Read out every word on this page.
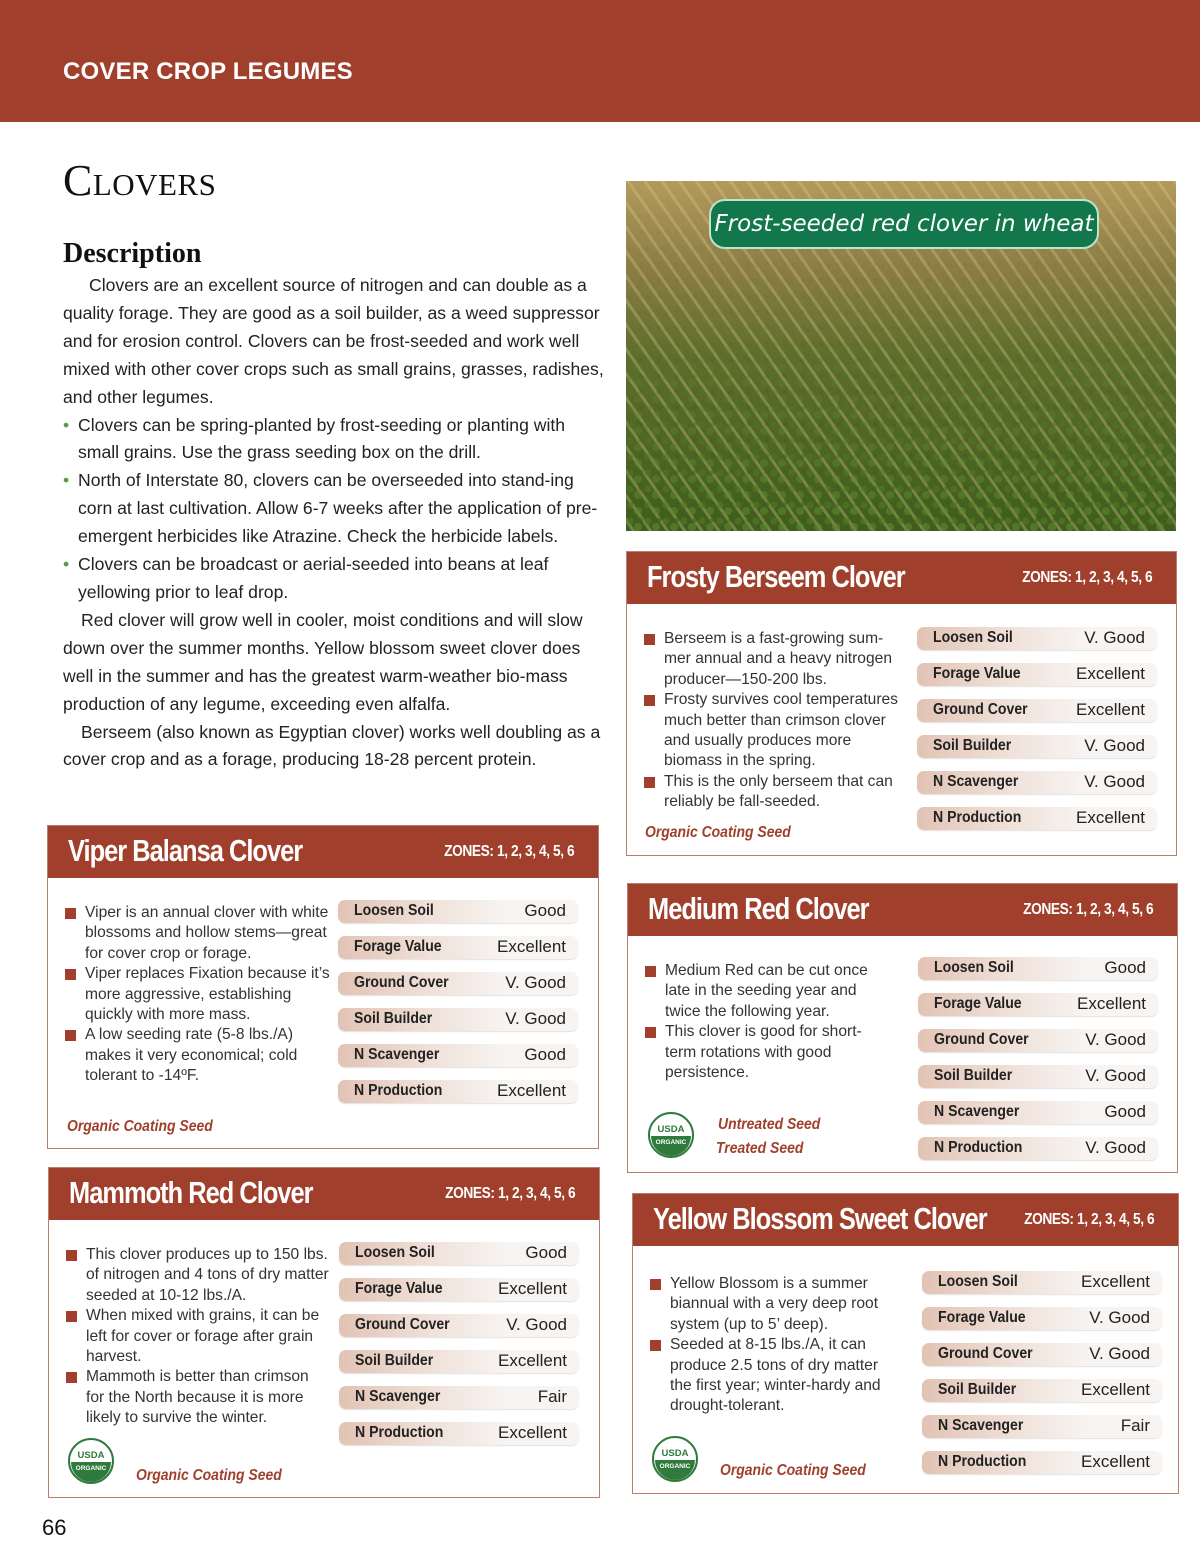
COVER CROP LEGUMES
Clovers
Description

Clovers are an excellent source of nitrogen and can double as a quality forage. They are good as a soil builder, as a weed suppressor and for erosion control. Clovers can be frost-seeded and work well mixed with other cover crops such as small grains, grasses, radishes, and other legumes.

• Clovers can be spring-planted by frost-seeding or planting with small grains. Use the grass seeding box on the drill.
• North of Interstate 80, clovers can be overseeded into stand-ing corn at last cultivation. Allow 6-7 weeks after the application of pre-emergent herbicides like Atrazine. Check the herbicide labels.
• Clovers can be broadcast or aerial-seeded into beans at leaf yellowing prior to leaf drop.

Red clover will grow well in cooler, moist conditions and will slow down over the summer months. Yellow blossom sweet clover does well in the summer and has the greatest warm-weather bio-mass production of any legume, exceeding even alfalfa.

Berseem (also known as Egyptian clover) works well doubling as a cover crop and as a forage, producing 18-28 percent protein.

Frost-seeded red clover in wheat
Viper Balansa Clover	ZONES: 1, 2, 3, 4, 5, 6
Viper is an annual clover with white blossoms and hollow stems—great for cover crop or forage.
Viper replaces Fixation because it’s more aggressive, establishing quickly with more mass.
A low seeding rate (5-8 lbs./A) makes it very economical; cold tolerant to -14ºF.
Loosen Soil	Good
Forage Value	Excellent
Ground Cover	V. Good
Soil Builder	V. Good
N Scavenger	Good
N Production	Excellent
Organic Coating Seed
Mammoth Red Clover	ZONES: 1, 2, 3, 4, 5, 6
This clover produces up to 150 lbs. of nitrogen and 4 tons of dry matter seeded at 10-12 lbs./A.
When mixed with grains, it can be left for cover or forage after grain harvest.
Mammoth is better than crimson for the North because it is more likely to survive the winter.
Loosen Soil	Good
Forage Value	Excellent
Ground Cover	V. Good
Soil Builder	Excellent
N Scavenger	Fair
N Production	Excellent
USDA
ORGANIC Organic Coating Seed
Frosty Berseem Clover	ZONES: 1, 2, 3, 4, 5, 6
Berseem is a fast-growing sum-mer annual and a heavy nitrogen producer—150-200 lbs.
Frosty survives cool temperatures much better than crimson clover and usually produces more biomass in the spring.
This is the only berseem that can reliably be fall-seeded.
Loosen Soil	V. Good
Forage Value	Excellent
Ground Cover	Excellent
Soil Builder	V. Good
N Scavenger	V. Good
N Production	Excellent
Organic Coating Seed
Medium Red Clover	ZONES: 1, 2, 3, 4, 5, 6
Medium Red can be cut once late in the seeding year and twice the following year.
This clover is good for short-term rotations with good persistence.
Loosen Soil	Good
Forage Value	Excellent
Ground Cover	V. Good
Soil Builder	V. Good
N Scavenger	Good
N Production	V. Good
USDA
ORGANIC
Untreated Seed
Treated Seed
Yellow Blossom Sweet Clover ZONES: 1, 2, 3, 4, 5, 6
Yellow Blossom is a summer biannual with a very deep root system (up to 5’ deep).
Seeded at 8-15 lbs./A, it can produce 2.5 tons of dry matter the first year; winter-hardy and drought-tolerant.
Loosen Soil	Excellent
Forage Value	V. Good
Ground Cover	V. Good
Soil Builder	Excellent
N Scavenger	Fair
N Production	Excellent
USDA
ORGANIC Organic Coating Seed
66
